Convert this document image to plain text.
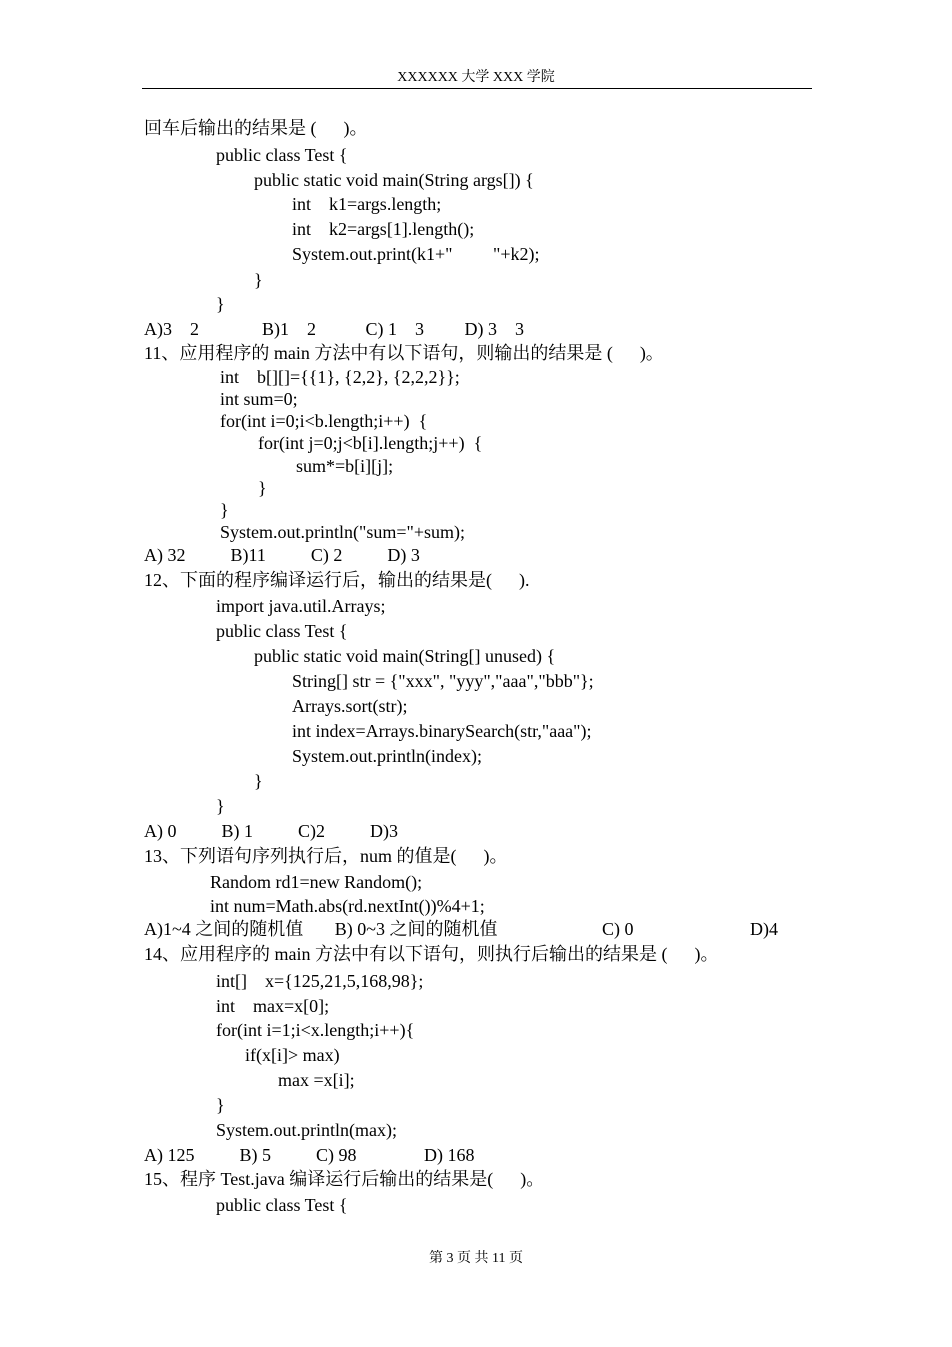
XXXXXX 大学 XXX 学院
回车后输出的结果是 (      )。
public class Test {
public static void main(String args[]) {
int    k1=args.length;
int    k2=args[1].length();
System.out.print(k1+"         "+k2);
}
}
A)3    2              B)1    2           C) 1    3         D) 3    3
11、应用程序的 main 方法中有以下语句，则输出的结果是 (      )。
int    b[][]={{1}, {2,2}, {2,2,2}};
int sum=0;
for(int i=0;i<b.length;i++)  {
for(int j=0;j<b[i].length;j++)  {
sum*=b[i][j];
}
}
System.out.println("sum="+sum);
A) 32          B)11          C) 2          D) 3
12、下面的程序编译运行后，输出的结果是(      ).
import java.util.Arrays;
public class Test {
public static void main(String[] unused) {
String[] str = {"xxx", "yyy","aaa","bbb"};
Arrays.sort(str);
int index=Arrays.binarySearch(str,"aaa");
System.out.println(index);
}
}
A) 0          B) 1          C)2          D)3
13、下列语句序列执行后，num 的值是(      )。
Random rd1=new Random();
int num=Math.abs(rd.nextInt())%4+1;
A)1~4 之间的随机值       B) 0~3 之间的随机值	C) 0	D)4
14、应用程序的 main 方法中有以下语句，则执行后输出的结果是 (      )。
int[]    x={125,21,5,168,98};
int    max=x[0];
for(int i=1;i<x.length;i++){
if(x[i]> max)
max =x[i];
}
System.out.println(max);
A) 125          B) 5          C) 98               D) 168
15、程序 Test.java 编译运行后输出的结果是(      )。
public class Test {
第 3 页 共 11 页
